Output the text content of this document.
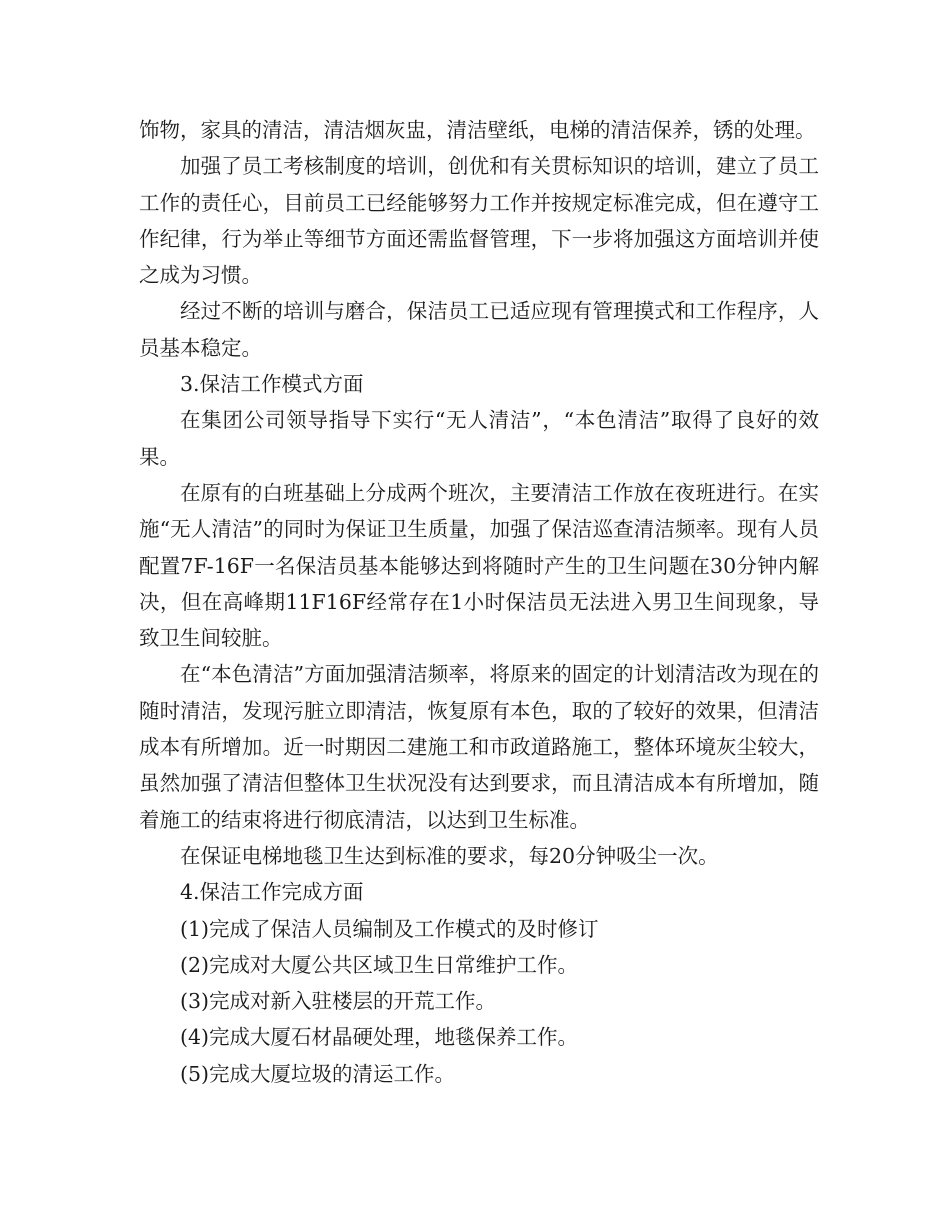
饰物，家具的清洁，清洁烟灰盅，清洁壁纸，电梯的清洁保养，锈的处理。

加强了员工考核制度的培训，创优和有关贯标知识的培训，建立了员工工作的责任心，目前员工已经能够努力工作并按规定标准完成，但在遵守工作纪律，行为举止等细节方面还需监督管理，下一步将加强这方面培训并使之成为习惯。

经过不断的培训与磨合，保洁员工已适应现有管理摸式和工作程序，人员基本稳定。

3.保洁工作模式方面

在集团公司领导指导下实行“无人清洁”，“本色清洁”取得了良好的效果。

在原有的白班基础上分成两个班次，主要清洁工作放在夜班进行。在实施“无人清洁”的同时为保证卫生质量，加强了保洁巡查清洁频率。现有人员配置7F-16F一名保洁员基本能够达到将随时产生的卫生问题在30分钟内解决，但在高峰期11F16F经常存在1小时保洁员无法进入男卫生间现象，导致卫生间较脏。

在“本色清洁”方面加强清洁频率，将原来的固定的计划清洁改为现在的随时清洁，发现污脏立即清洁，恢复原有本色，取的了较好的效果，但清洁成本有所增加。近一时期因二建施工和市政道路施工，整体环境灰尘较大，虽然加强了清洁但整体卫生状况没有达到要求，而且清洁成本有所增加，随着施工的结束将进行彻底清洁，以达到卫生标准。

在保证电梯地毯卫生达到标准的要求，每20分钟吸尘一次。

4.保洁工作完成方面

(1)完成了保洁人员编制及工作模式的及时修订

(2)完成对大厦公共区域卫生日常维护工作。

(3)完成对新入驻楼层的开荒工作。

(4)完成大厦石材晶硬处理，地毯保养工作。

(5)完成大厦垃圾的清运工作。
